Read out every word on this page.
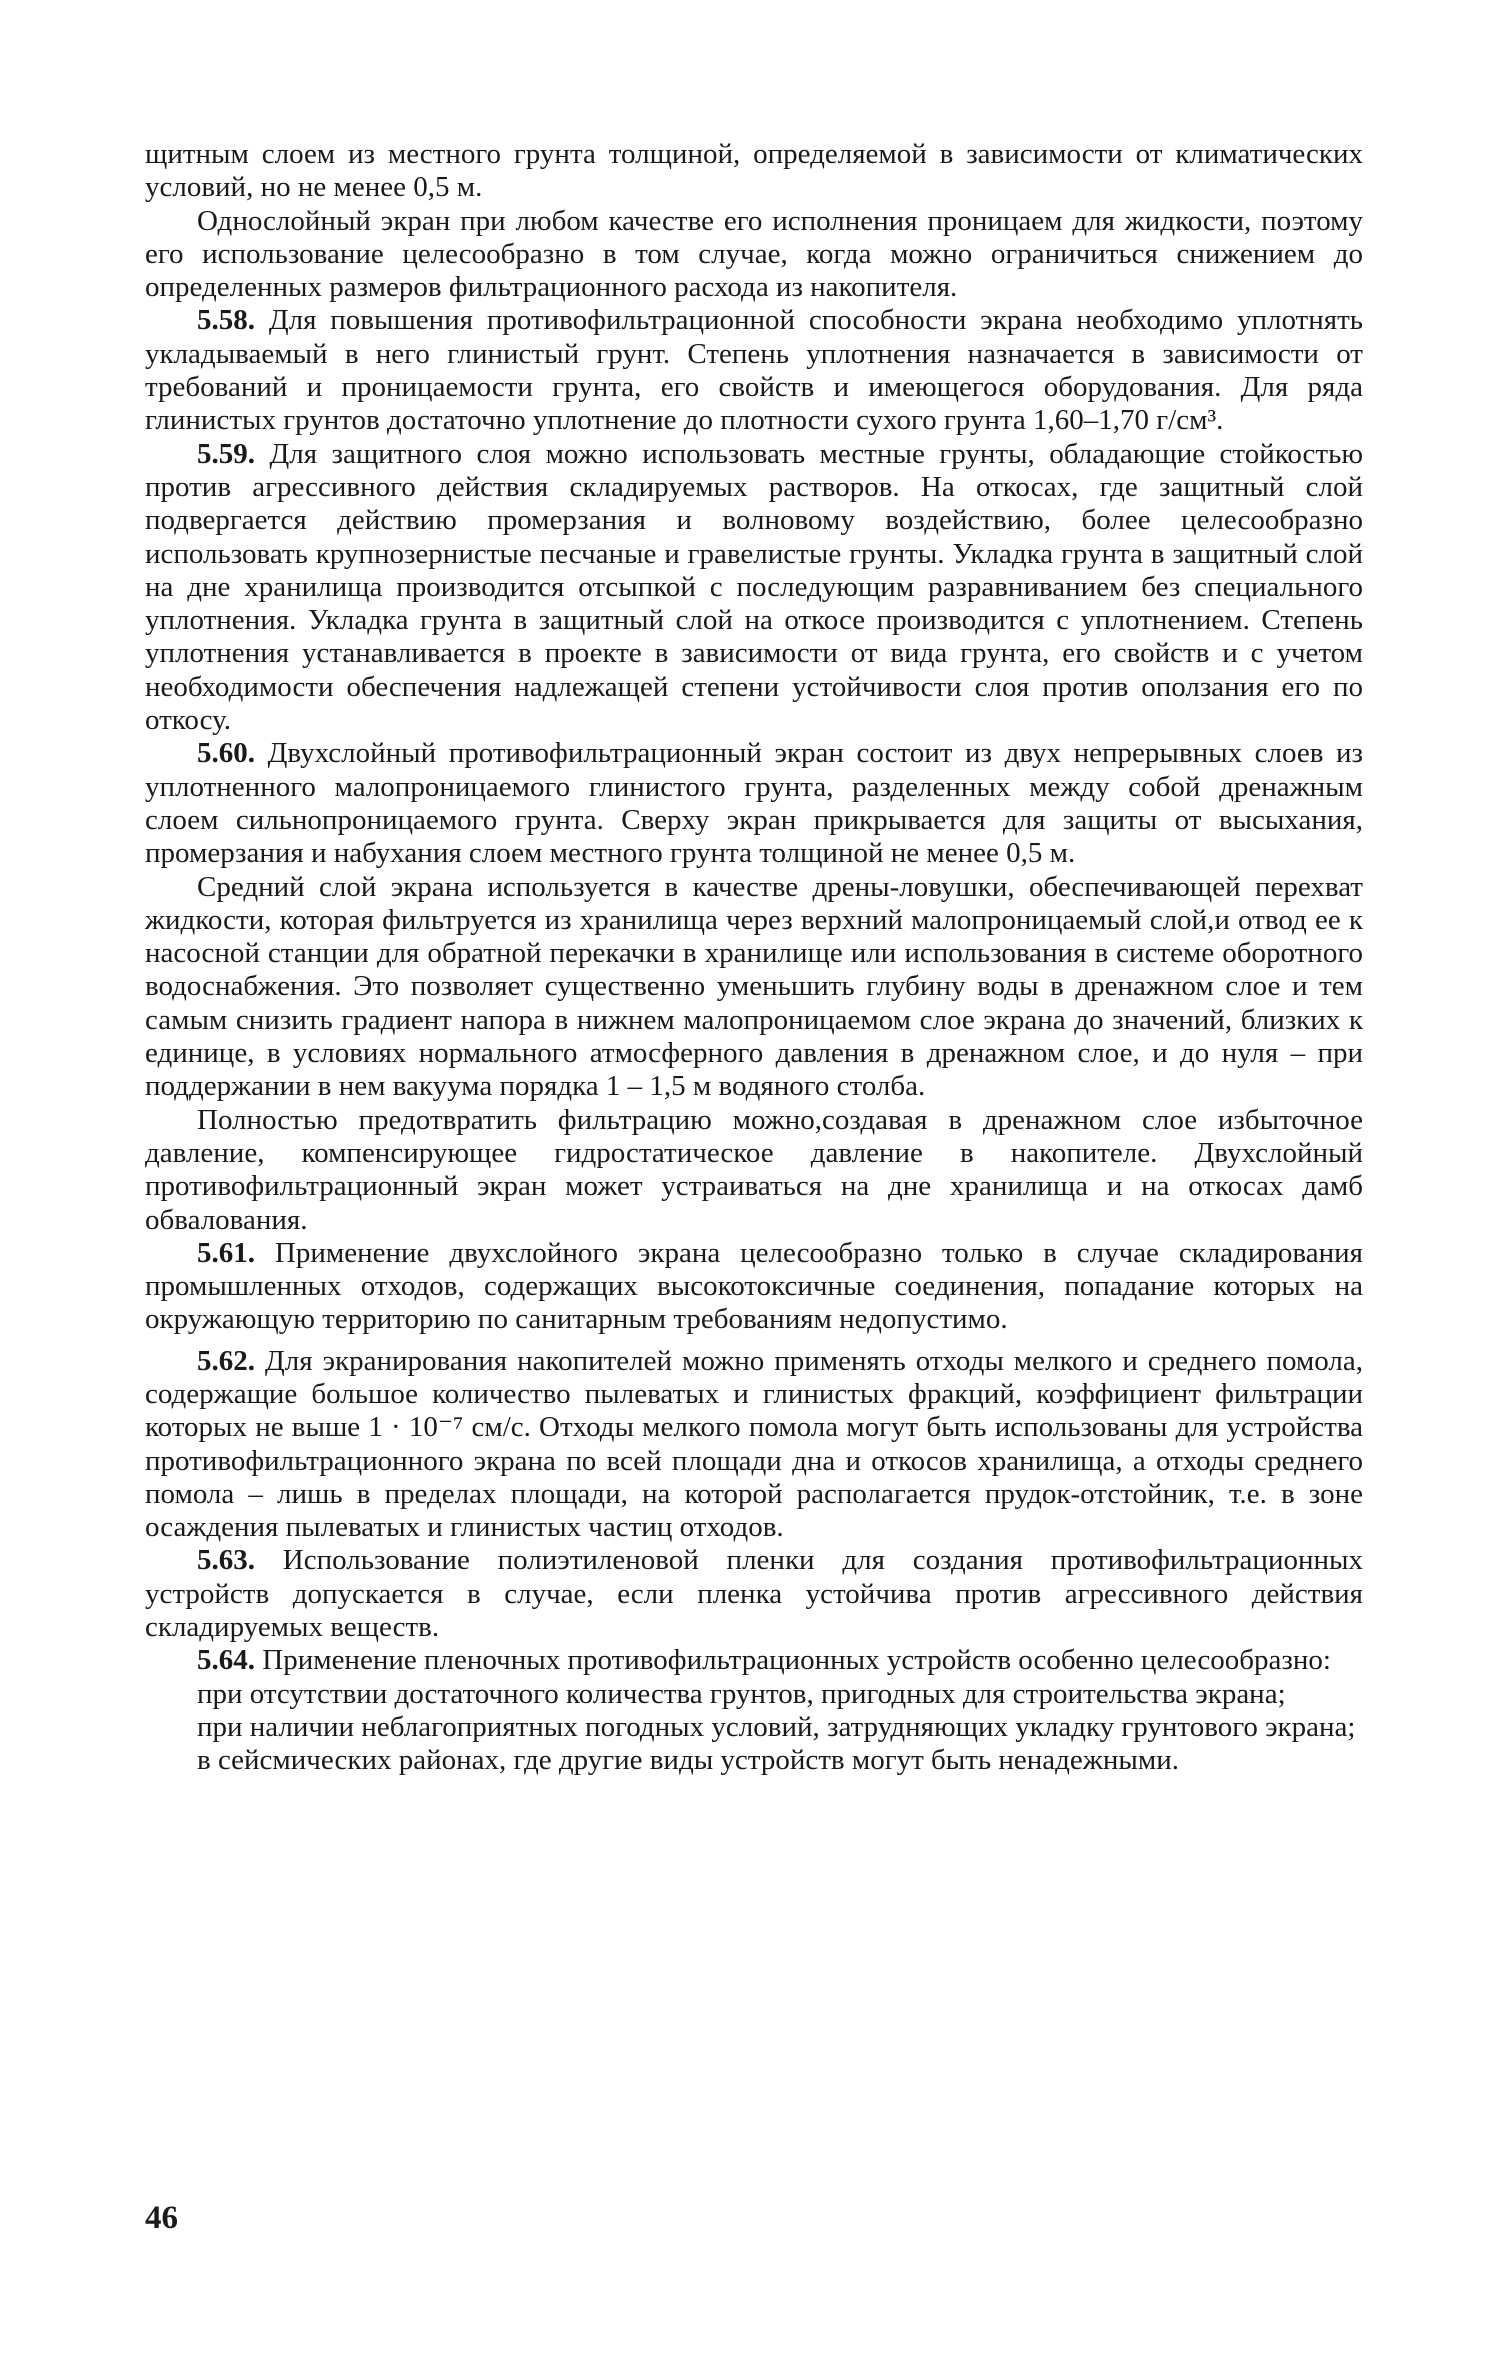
щитным слоем из местного грунта толщиной, определяемой в зависимости от климатических условий, но не менее 0,5 м.

Однослойный экран при любом качестве его исполнения проницаем для жидкости, поэтому его использование целесообразно в том случае, когда можно ограничиться снижением до определенных размеров фильтрационного расхода из накопителя.

5.58. Для повышения противофильтрационной способности экрана необходимо уплотнять укладываемый в него глинистый грунт. Степень уплотнения назначается в зависимости от требований и проницаемости грунта, его свойств и имеющегося оборудования. Для ряда глинистых грунтов достаточно уплотнение до плотности сухого грунта 1,60–1,70 г/см³.

5.59. Для защитного слоя можно использовать местные грунты, обладающие стойкостью против агрессивного действия складируемых растворов. На откосах, где защитный слой подвергается действию промерзания и волновому воздействию, более целесообразно использовать крупнозернистые песчаные и гравелистые грунты. Укладка грунта в защитный слой на дне хранилища производится отсыпкой с последующим разравниванием без специального уплотнения. Укладка грунта в защитный слой на откосе производится с уплотнением. Степень уплотнения устанавливается в проекте в зависимости от вида грунта, его свойств и с учетом необходимости обеспечения надлежащей степени устойчивости слоя против оползания его по откосу.

5.60. Двухслойный противофильтрационный экран состоит из двух непрерывных слоев из уплотненного малопроницаемого глинистого грунта, разделенных между собой дренажным слоем сильнопроницаемого грунта. Сверху экран прикрывается для защиты от высыхания, промерзания и набухания слоем местного грунта толщиной не менее 0,5 м.

Средний слой экрана используется в качестве дрены-ловушки, обеспечивающей перехват жидкости, которая фильтруется из хранилища через верхний малопроницаемый слой,и отвод ее к насосной станции для обратной перекачки в хранилище или использования в системе оборотного водоснабжения. Это позволяет существенно уменьшить глубину воды в дренажном слое и тем самым снизить градиент напора в нижнем малопроницаемом слое экрана до значений, близких к единице, в условиях нормального атмосферного давления в дренажном слое, и до нуля – при поддержании в нем вакуума порядка 1 – 1,5 м водяного столба.

Полностью предотвратить фильтрацию можно,создавая в дренажном слое избыточное давление, компенсирующее гидростатическое давление в накопителе. Двухслойный противофильтрационный экран может устраиваться на дне хранилища и на откосах дамб обвалования.

5.61. Применение двухслойного экрана целесообразно только в случае складирования промышленных отходов, содержащих высокотоксичные соединения, попадание которых на окружающую территорию по санитарным требованиям недопустимо.

5.62. Для экранирования накопителей можно применять отходы мелкого и среднего помола, содержащие большое количество пылеватых и глинистых фракций, коэффициент фильтрации которых не выше 1 · 10⁻⁷ см/с. Отходы мелкого помола могут быть использованы для устройства противофильтрационного экрана по всей площади дна и откосов хранилища, а отходы среднего помола – лишь в пределах площади, на которой располагается прудок-отстойник, т.е. в зоне осаждения пылеватых и глинистых частиц отходов.

5.63. Использование полиэтиленовой пленки для создания противофильтрационных устройств допускается в случае, если пленка устойчива против агрессивного действия складируемых веществ.

5.64. Применение пленочных противофильтрационных устройств особенно целесообразно:

при отсутствии достаточного количества грунтов, пригодных для строительства экрана;

при наличии неблагоприятных погодных условий, затрудняющих укладку грунтового экрана;

в сейсмических районах, где другие виды устройств могут быть ненадежными.

46
